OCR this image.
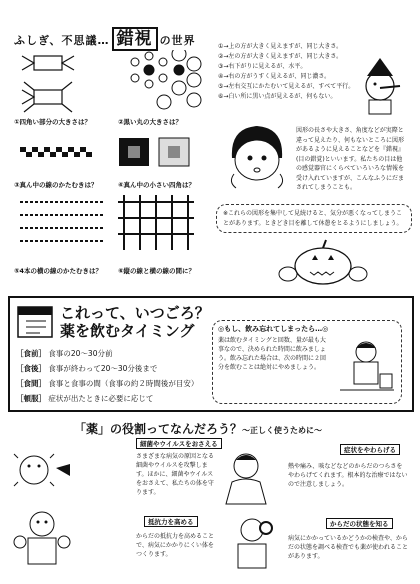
ふしぎ、不思議… 錯視 の世界
①四角い部分の大きさは？	②黒い丸の大きさは？
③真ん中の線のかたむきは？	④真ん中の小さい四角は？
⑤4本の横の線のかたむきは？ ⑥縦の線と横の線の間に？
①→上の方が大きく見えますが、同じ大きさ。
②→左の方が大きく見えますが、同じ大きさ。
③→右下がりに見えるが、水平。
④→右の方がうすく見えるが、同じ濃さ。
⑤→左右交互にかたむいて見えるが、すべて平行。
⑥→白い所に黒い点が見えるが、何もない。
図形の長さや大きさ、角度などが実際と違って見えたり、何もないところに図形があるように見えることなどを『錯視』(目の錯覚)といいます。私たちの目は他の感覚器官にくらべていろいろな情報を受け入れていますが、こんなふうにだまされてしまうことも。
※これらの図形を集中して見続けると、気分が悪くなってしまうことがあります。ときどき目を離して休憩をとるようにしましょう。
これって、いつごろ？
薬を飲むタイミング
［食前］ 食事の20〜30分前
［食後］ 食事が終わって20〜30分後まで
［食間］ 食事と食事の間（食事の約２時間後が目安）
［頓服］ 症状が出たときに必要に応じて
◎もし、飲み忘れてしまったら…◎
薬は飲むタイミングと回数、量が最も大事なので、決められた時間に飲みましょう。飲み忘れた場合は、次の時間に２回分を飲むことは絶対にやめましょう。
「薬」の役割ってなんだろう？〜正しく使うために〜
細菌やウイルスをおさえる
さまざまな病気の原因となる細菌やウイルスを攻撃します。ほかに、細菌やウイルスをおさえて、私たちの体を守ります。
症状をやわらげる
熱や痛み、咳などなどのからだのつらさをやわらげてくれます。根本的な治療ではないので注意しましょう。
抵抗力を高める
からだの抵抗力を高めることで、病気にかかりにくい体をつくります。
からだの状態を知る
病気にかかっているかどうかの検査や、からだの状態を調べる検査でも薬が使われることがあります。
